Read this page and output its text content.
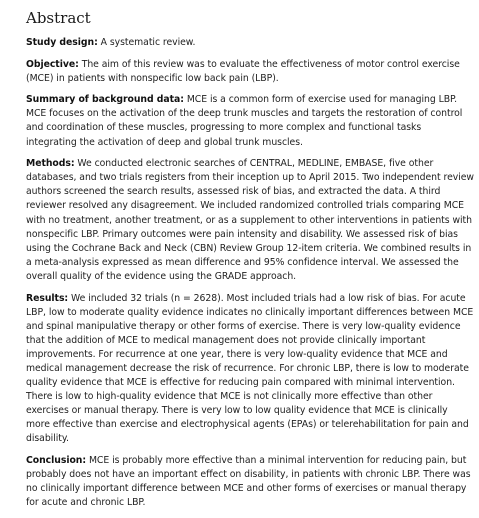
Abstract

Study design: A systematic review.

Objective: The aim of this review was to evaluate the effectiveness of motor control exercise (MCE) in patients with nonspecific low back pain (LBP).

Summary of background data: MCE is a common form of exercise used for managing LBP. MCE focuses on the activation of the deep trunk muscles and targets the restoration of control and coordination of these muscles, progressing to more complex and functional tasks integrating the activation of deep and global trunk muscles.

Methods: We conducted electronic searches of CENTRAL, MEDLINE, EMBASE, five other databases, and two trials registers from their inception up to April 2015. Two independent review authors screened the search results, assessed risk of bias, and extracted the data. A third reviewer resolved any disagreement. We included randomized controlled trials comparing MCE with no treatment, another treatment, or as a supplement to other interventions in patients with nonspecific LBP. Primary outcomes were pain intensity and disability. We assessed risk of bias using the Cochrane Back and Neck (CBN) Review Group 12-item criteria. We combined results in a meta-analysis expressed as mean difference and 95% confidence interval. We assessed the overall quality of the evidence using the GRADE approach.

Results: We included 32 trials (n = 2628). Most included trials had a low risk of bias. For acute LBP, low to moderate quality evidence indicates no clinically important differences between MCE and spinal manipulative therapy or other forms of exercise. There is very low-quality evidence that the addition of MCE to medical management does not provide clinically important improvements. For recurrence at one year, there is very low-quality evidence that MCE and medical management decrease the risk of recurrence. For chronic LBP, there is low to moderate quality evidence that MCE is effective for reducing pain compared with minimal intervention. There is low to high-quality evidence that MCE is not clinically more effective than other exercises or manual therapy. There is very low to low quality evidence that MCE is clinically more effective than exercise and electrophysical agents (EPAs) or telerehabilitation for pain and disability.

Conclusion: MCE is probably more effective than a minimal intervention for reducing pain, but probably does not have an important effect on disability, in patients with chronic LBP. There was no clinically important difference between MCE and other forms of exercises or manual therapy for acute and chronic LBP.
